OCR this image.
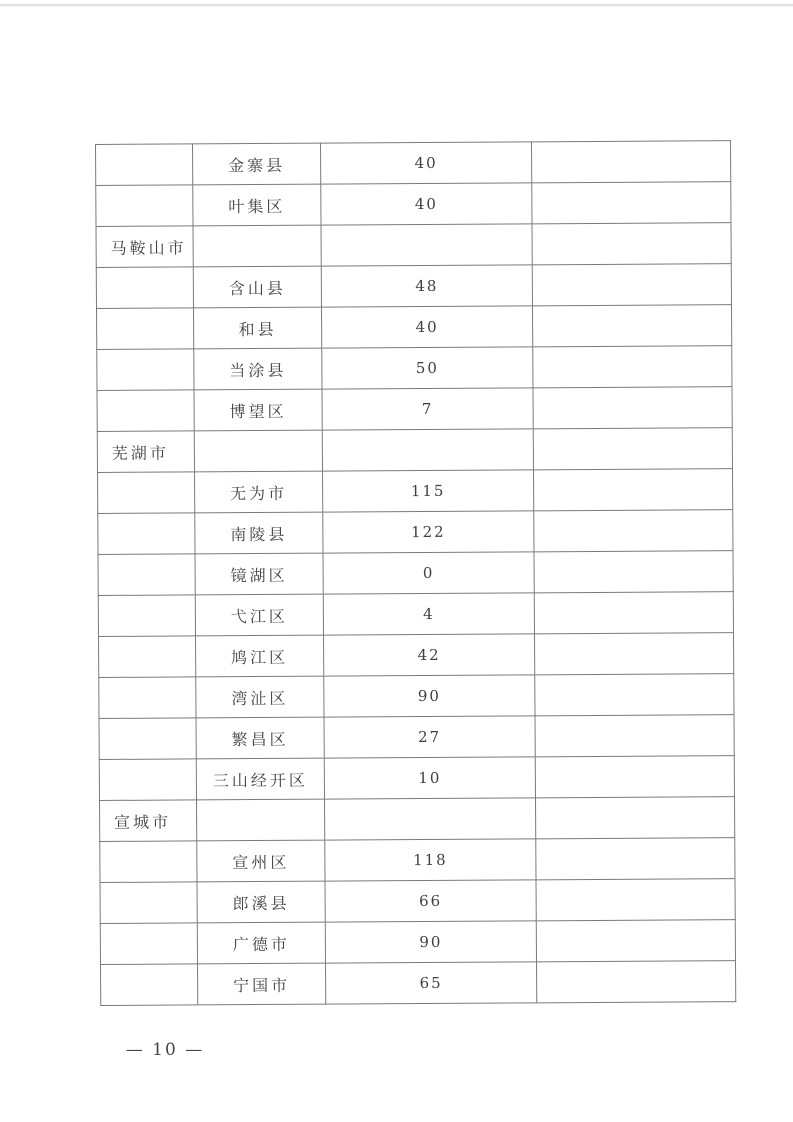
	金寨县	40	
	叶集区	40	
马鞍山市			
	含山县	48	
	和县	40	
	当涂县	50	
	博望区	7	
芜湖市			
	无为市	115	
	南陵县	122	
	镜湖区	0	
	弋江区	4	
	鸠江区	42	
	湾沚区	90	
	繁昌区	27	
	三山经开区	10	
宣城市			
	宣州区	118	
	郎溪县	66	
	广德市	90	
	宁国市	65	
— 10 —
